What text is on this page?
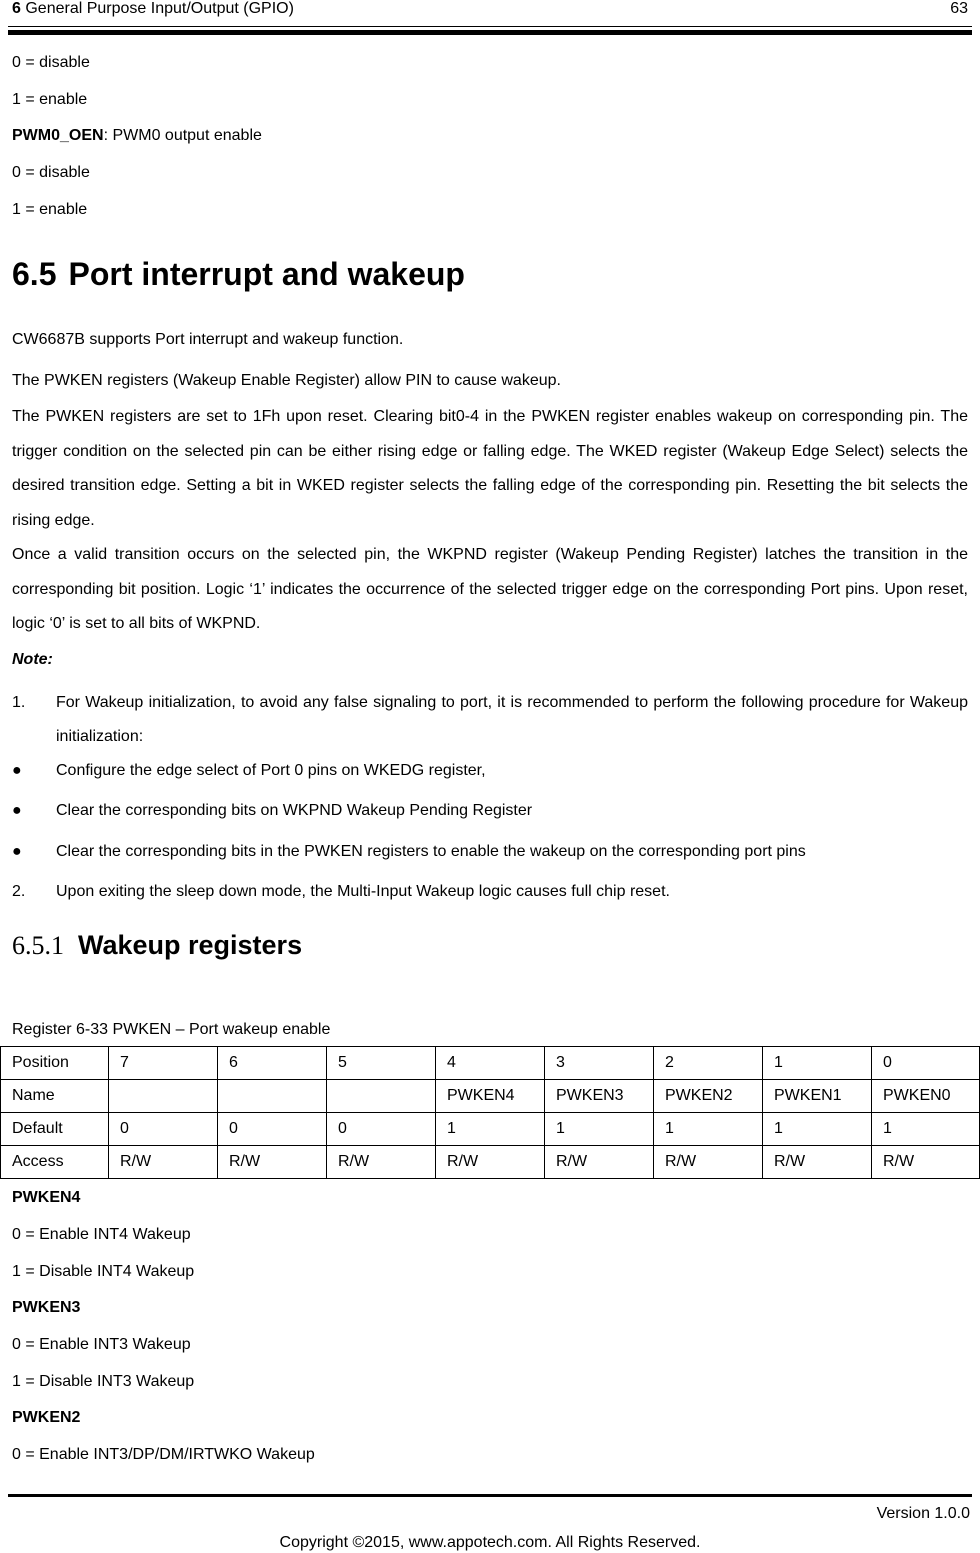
6 General Purpose Input/Output (GPIO)	63
0 = disable
1 = enable
PWM0_OEN: PWM0 output enable
0 = disable
1 = enable
6.5 Port interrupt and wakeup
CW6687B supports Port interrupt and wakeup function.
The PWKEN registers (Wakeup Enable Register) allow PIN to cause wakeup.
The PWKEN registers are set to 1Fh upon reset. Clearing bit0-4 in the PWKEN register enables wakeup on corresponding pin. The trigger condition on the selected pin can be either rising edge or falling edge. The WKED register (Wakeup Edge Select) selects the desired transition edge. Setting a bit in WKED register selects the falling edge of the corresponding pin. Resetting the bit selects the rising edge.
Once a valid transition occurs on the selected pin, the WKPND register (Wakeup Pending Register) latches the transition in the corresponding bit position. Logic ‘1’ indicates the occurrence of the selected trigger edge on the corresponding Port pins. Upon reset, logic ‘0’ is set to all bits of WKPND.
Note:
1. For Wakeup initialization, to avoid any false signaling to port, it is recommended to perform the following procedure for Wakeup initialization:
● Configure the edge select of Port 0 pins on WKEDG register,
● Clear the corresponding bits on WKPND Wakeup Pending Register
● Clear the corresponding bits in the PWKEN registers to enable the wakeup on the corresponding port pins
2. Upon exiting the sleep down mode, the Multi-Input Wakeup logic causes full chip reset.
6.5.1 Wakeup registers
Register 6-33 PWKEN – Port wakeup enable
Position	7	6	5	4	3	2	1	0
Name				PWKEN4	PWKEN3	PWKEN2	PWKEN1	PWKEN0
Default	0	0	0	1	1	1	1	1
Access	R/W	R/W	R/W	R/W	R/W	R/W	R/W	R/W
PWKEN4
0 = Enable INT4 Wakeup
1 = Disable INT4 Wakeup
PWKEN3
0 = Enable INT3 Wakeup
1 = Disable INT3 Wakeup
PWKEN2
0 = Enable INT3/DP/DM/IRTWKO Wakeup
Version 1.0.0
Copyright ©2015, www.appotech.com. All Rights Reserved.
